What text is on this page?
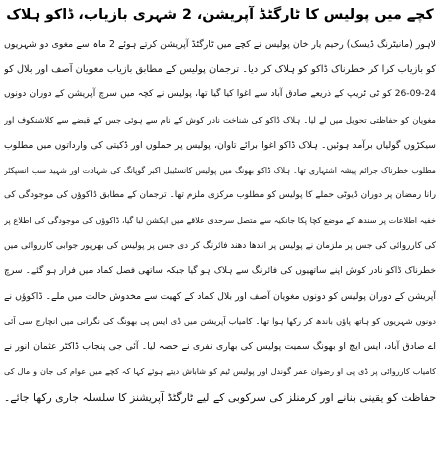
کچے میں پولیس کا ٹارگٹڈ آپریشن، 2 شہری بازیاب، ڈاکو ہلاک
لاہور (مانیٹرنگ ڈیسک) رحیم یار خان پولیس نے کچے میں ٹارگٹڈ آپریشن کرتے ہوئے 2 ماہ سے مغوی دو شہریوں
کو بازیاب کرا کر خطرناک ڈاکو کو ہلاک کر دیا۔ ترجمان پولیس کے مطابق بازیاب مغویان آصف اور بلال کو
26-09-24 کو ٹی ٹریپ کے ذریعے صادق آباد سے اغوا کیا گیا تھا، پولیس نے کچہ میں سرچ آپریشن کے دوران دونوں
مغویان کو حفاظتی تحویل میں لے لیا۔ ہلاک ڈاکو کی شناخت نادر کوش کے نام سے ہوئی جس کے قبضے سے کلاشنکوف اور
سیکڑوں گولیاں برآمد ہوئیں۔ ہلاک ڈاکو اغوا برائے تاوان، پولیس پر حملوں اور ڈکیتی کی وارداتوں میں مطلوب
مطلوب خطرناک جرائم پیشہ اشتہاری تھا۔ ہلاک ڈاکو بھونگ میں پولیس کانسٹیبل اکبر گوپانگ کی شہادت اور شہید سب انسپکٹر
رانا رمضان پر دوران ڈیوٹی حملے کا پولیس کو مطلوب مرکزی ملزم تھا۔ ترجمان کے مطابق ڈاکوؤں کی موجودگی کی
خفیہ اطلاعات پر سندھ کے موضع کچا پکا جانکیہ سے متصل سرحدی علاقے میں ایکشن لیا گیا، ڈاکوؤں کی موجودگی کی اطلاع پر
کی کارروائی کی جس پر ملزمان نے پولیس پر اندھا دھند فائرنگ کر دی جس پر پولیس کی بھرپور جوابی کارروائی میں
خطرناک ڈاکو نادر کوش اپنے ساتھیوں کی فائرنگ سے ہلاک ہو گیا جبکہ ساتھی فصل کماد میں فرار ہو گئے۔ سرچ
آپریشن کے دوران پولیس کو دونوں مغویان آصف اور بلال کماد کے کھیت سے مخدوش حالت میں ملے۔ ڈاکوؤں نے
دونوں شہریوں کو ہاتھ پاؤں باندھ کر رکھا ہوا تھا۔ کامیاب آپریشن میں ڈی ایس پی بھونگ کی نگرانی میں انچارج سی آئی
اے صادق آباد، ایس ایچ او بھونگ سمیت پولیس کی بھاری نفری نے حصہ لیا۔ آئی جی پنجاب ڈاکٹر عثمان انور نے
کامیاب کارروائی پر ڈی پی او رضوان عمر گوندل اور پولیس ٹیم کو شاباش دیتے ہوئے کہا کہ کچے میں عوام کی جان و مال کی
حفاظت کو یقینی بنانے اور کرمنلز کی سرکوبی کے لیے ٹارگٹڈ آپریشنز کا سلسلہ جاری رکھا جائے۔
